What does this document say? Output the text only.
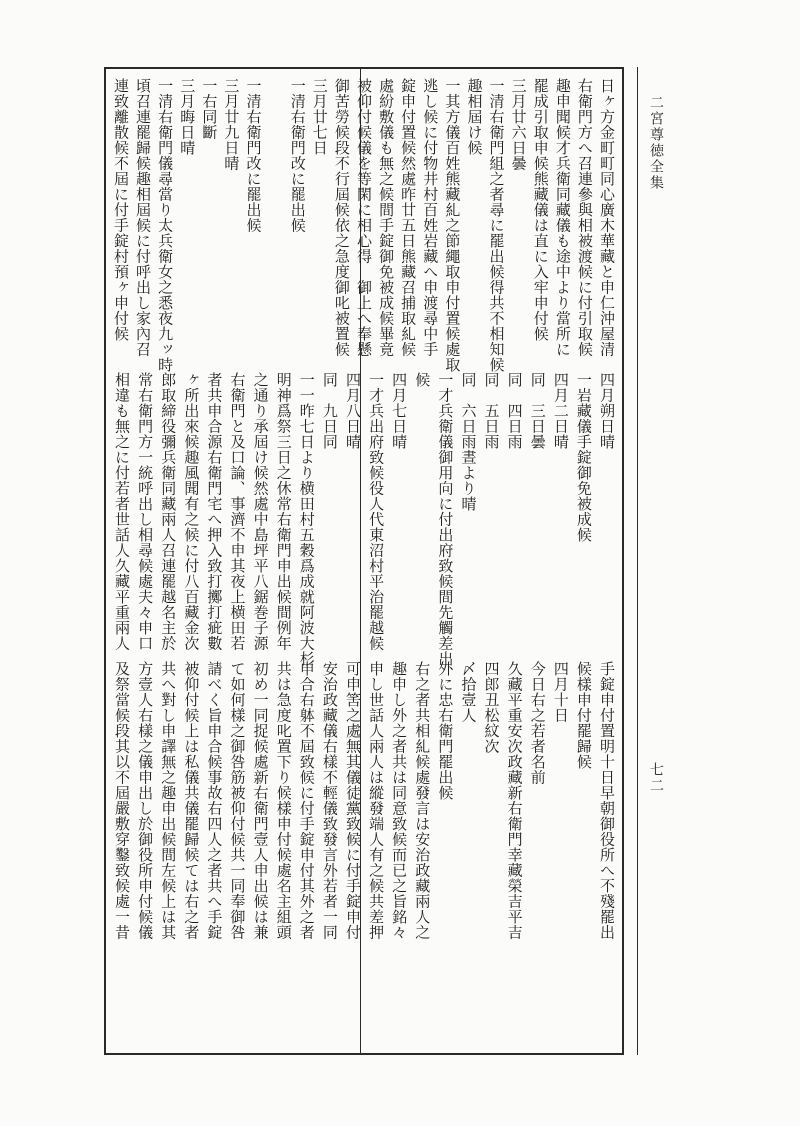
二宮尊徳全集
七二
日ヶ方金町町同心廣木華藏と申仁沖屋清
右衛門方へ召連參與相被渡候に付引取候
趣申聞候才兵衛同藏儀も途中より當所に
罷成引取申候熊藏儀は直に入牢申付候
三月廿六日曇
一清右衛門組之者尋に罷出候得共不相知候
趣相屆け候
一其方儀百姓熊藏糺之節繩取申付置候處取
逃し候に付物井村百姓岩藏へ申渡尋中手
錠申付置候然處昨廿五日熊藏召捕取糺候
處紛敷儀も無之候間手錠御免被成候畢竟
被仰付候儀を等閑に相心得　御上へ奉懸
御苦勞候段不行屆候依之急度御叱被置候
三月廿七日
一清右衛門改に罷出候

一清右衛門改に罷出候
三月廿九日晴
一右同斷
三月晦日晴
一清右衛門儀尋當り太兵衛女之悉夜九ッ時
頃召連罷歸候趣相屆候に付呼出し家內召
連致離散候不屆に付手錠村預ヶ申付候
四月朔日晴
一岩藏儀手錠御免被成候
四月二日晴
同　三日曇
同　四日雨
同　五日雨
同　六日雨晝より晴
一才兵衛儀御用向に付出府致候間先觸差出
候
四月七日晴
一才兵出府致候役人代東沼村平治罷越候
四月八日晴
同　九日同
一一昨七日より横田村五穀爲成就阿波大杉
明神爲祭三日之休常右衛門申出候間例年
之通り承屆け候然處中島坪平八鋸巻子源
右衛門と及口論、事濟不申其夜上横田若
者共申合源右衛門宅へ押入致打擲打疵數
ヶ所出來候趣風聞有之候に付八百藏金次
郎取締役彌兵衛同藏兩人召連罷越名主於
常右衛門方一統呼出し相尋候處夫々申口
相違も無之に付若者世話人久藏平重兩人
手錠申付置明十日早朝御役所へ不殘罷出
候樣申付罷歸候
四月十日
今日右之若者名前
久藏平重安次政藏新右衛門幸藏榮吉平吉
四郎丑松紋次
〆拾壹人
外に忠右衛門罷出候
右之者共相糺候處發言は安治政藏兩人之
趣申し外之者共は同意致候而已之旨銘々
申し世話人兩人は縱發端人有之候共差押
可申筈之處無其儀徒黨致候に付手錠申付
安治政藏儀右樣不輕儀致發言外若者一同
申合右躰不屆致候に付手錠申付其外之者
共は急度叱置下り候樣申付候處名主組頭
初め一同捉候處新右衛門壹人申出候は兼
て如何樣之御咎筋被仰付候共一同奉御咎
請べく旨申合候事故右四人之者共へ手錠
被仰付候上は私儀共儀罷歸候ては右之者
共へ對し申譯無之趣申出候間左候上は其
方壹人右樣之儀申出し於御役所申付候儀
及祭當候段其以不屆嚴敷穿鑿致候處一昔
